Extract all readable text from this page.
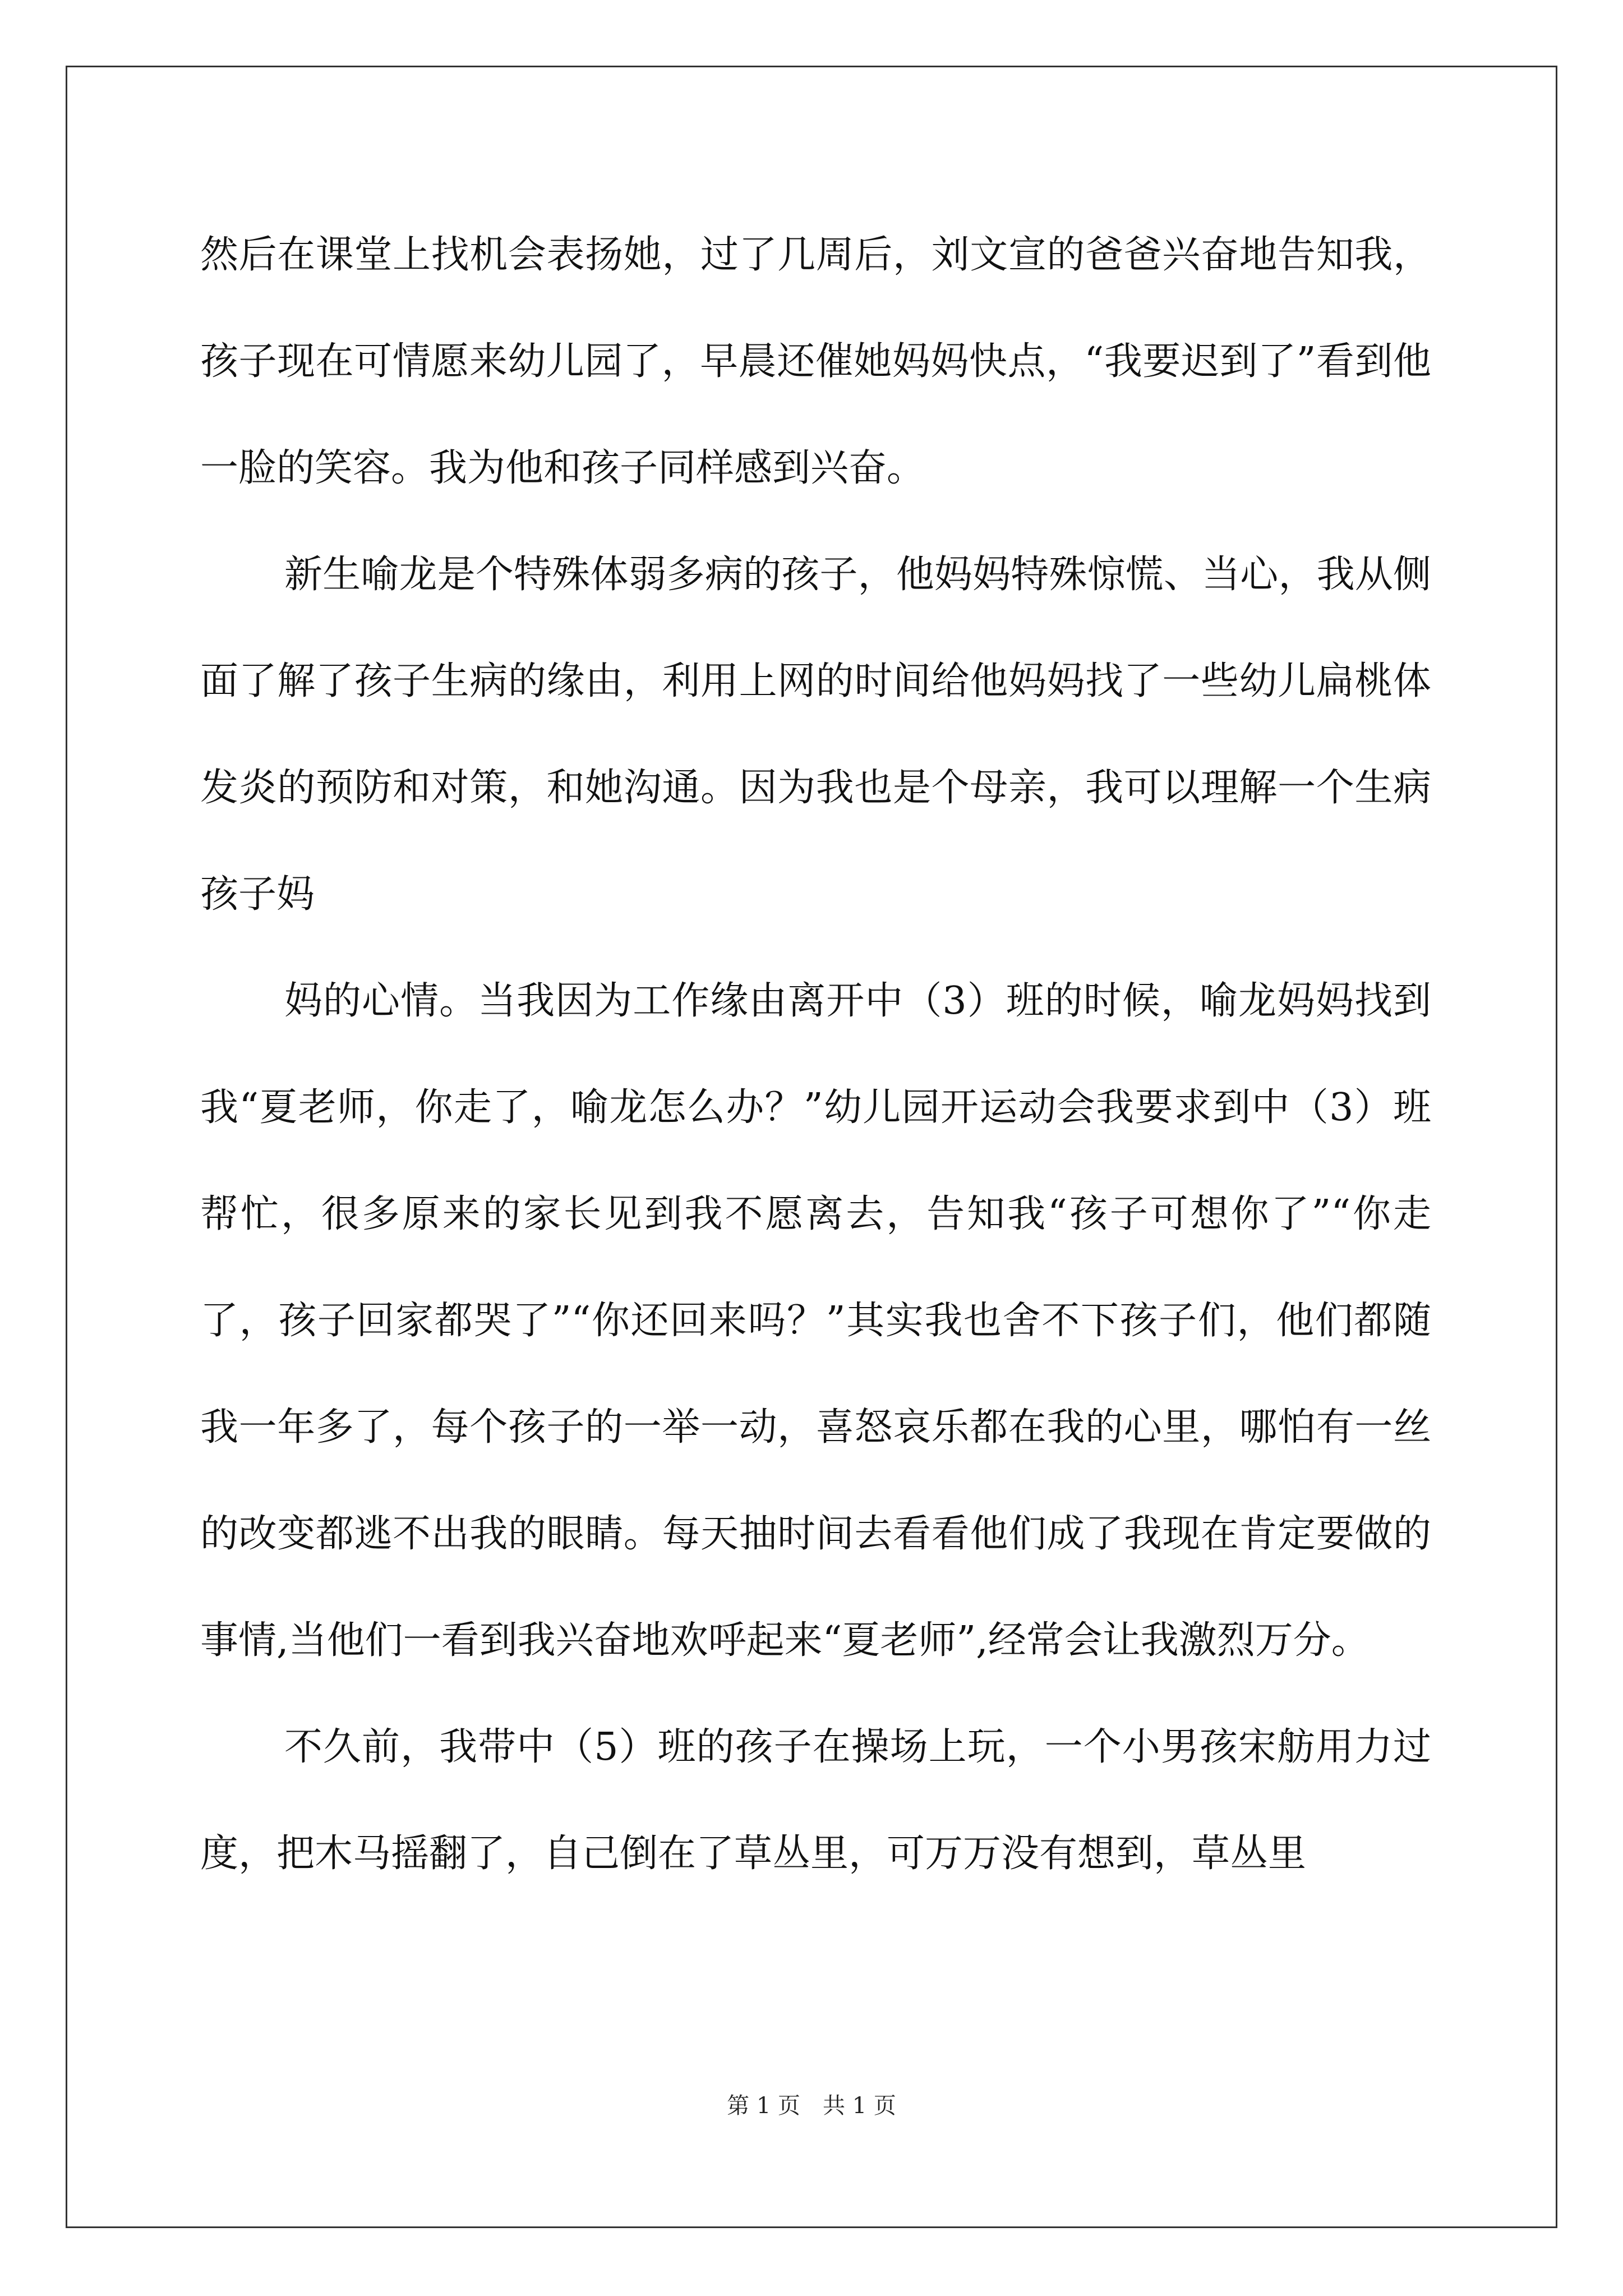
然后在课堂上找机会表扬她，过了几周后，刘文宣的爸爸兴奋地告知我，孩子现在可情愿来幼儿园了，早晨还催她妈妈快点，“我要迟到了”看到他一脸的笑容。我为他和孩子同样感到兴奋。

新生喻龙是个特殊体弱多病的孩子，他妈妈特殊惊慌、当心，我从侧面了解了孩子生病的缘由，利用上网的时间给他妈妈找了一些幼儿扁桃体发炎的预防和对策，和她沟通。因为我也是个母亲，我可以理解一个生病孩子妈

妈的心情。当我因为工作缘由离开中（3）班的时候，喻龙妈妈找到我“夏老师，你走了，喻龙怎么办？”幼儿园开运动会我要求到中（3）班帮忙，很多原来的家长见到我不愿离去，告知我“孩子可想你了”“你走了，孩子回家都哭了”“你还回来吗？”其实我也舍不下孩子们，他们都随我一年多了，每个孩子的一举一动，喜怒哀乐都在我的心里，哪怕有一丝的改变都逃不出我的眼睛。每天抽时间去看看他们成了我现在肯定要做的事情,当他们一看到我兴奋地欢呼起来“夏老师”,经常会让我激烈万分。

不久前，我带中（5）班的孩子在操场上玩，一个小男孩宋舫用力过度，把木马摇翻了，自己倒在了草丛里，可万万没有想到，草丛里

第 1 页　共 1 页
